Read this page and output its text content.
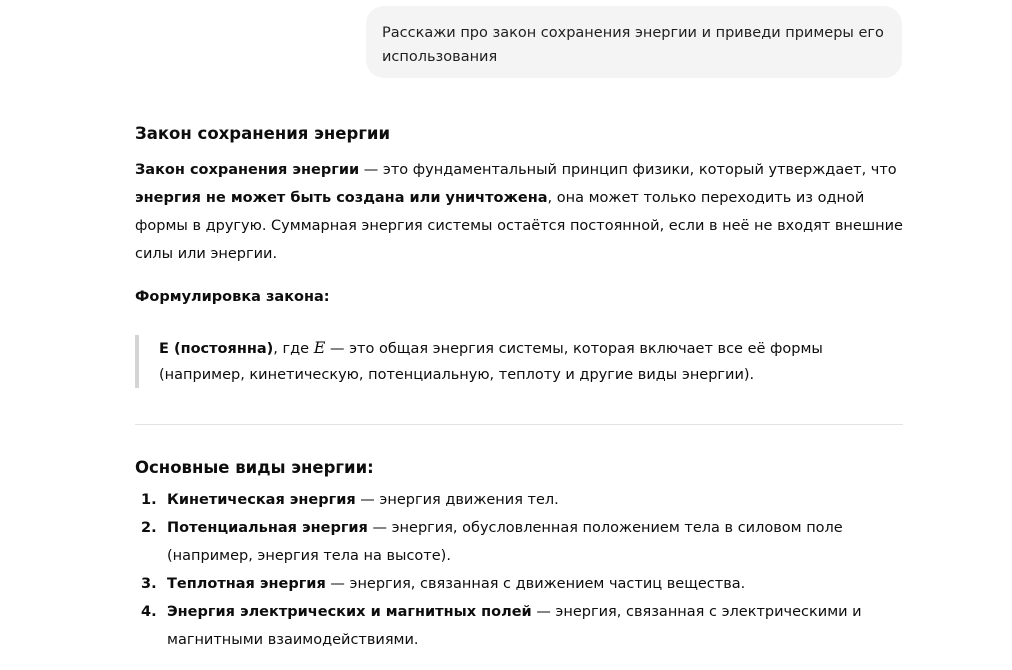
Расскажи про закон сохранения энергии и приведи примеры его использования
Закон сохранения энергии

Закон сохранения энергии — это фундаментальный принцип физики, который утверждает, что энергия не может быть создана или уничтожена, она может только переходить из одной формы в другую. Суммарная энергия системы остаётся постоянной, если в неё не входят внешние силы или энергии.

Формулировка закона:

E (постоянна), где E — это общая энергия системы, которая включает все её формы (например, кинетическую, потенциальную, теплоту и другие виды энергии).
Основные виды энергии:
1. Кинетическая энергия — энергия движения тел.
2. Потенциальная энергия — энергия, обусловленная положением тела в силовом поле (например, энергия тела на высоте).
3. Теплотная энергия — энергия, связанная с движением частиц вещества.
4. Энергия электрических и магнитных полей — энергия, связанная с электрическими и магнитными взаимодействиями.
